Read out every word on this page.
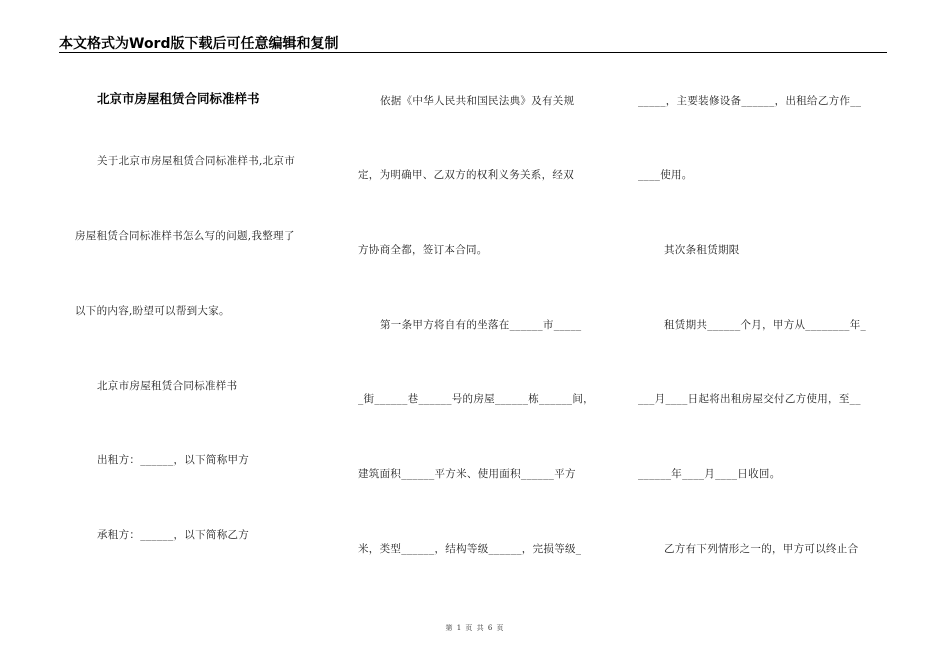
本文格式为Word版下载后可任意编辑和复制
北京市房屋租赁合同标准样书
关于北京市房屋租赁合同标准样书,北京市
房屋租赁合同标准样书怎么写的问题,我整理了
以下的内容,盼望可以帮到大家。
北京市房屋租赁合同标准样书
出租方：______，以下简称甲方
承租方：______，以下简称乙方
依据《中华人民共和国民法典》及有关规
定，为明确甲、乙双方的权利义务关系，经双
方协商全都，签订本合同。
第一条甲方将自有的坐落在______市_____
_街______巷______号的房屋______栋______间，
建筑面积______平方米、使用面积______平方
米，类型______，结构等级______，完损等级_
_____，主要装修设备______，出租给乙方作__
____使用。
其次条租赁期限
租赁期共______个月，甲方从________年_
___月____日起将出租房屋交付乙方使用，至__
______年____月____日收回。
乙方有下列情形之一的，甲方可以终止合
第 1 页 共 6 页
